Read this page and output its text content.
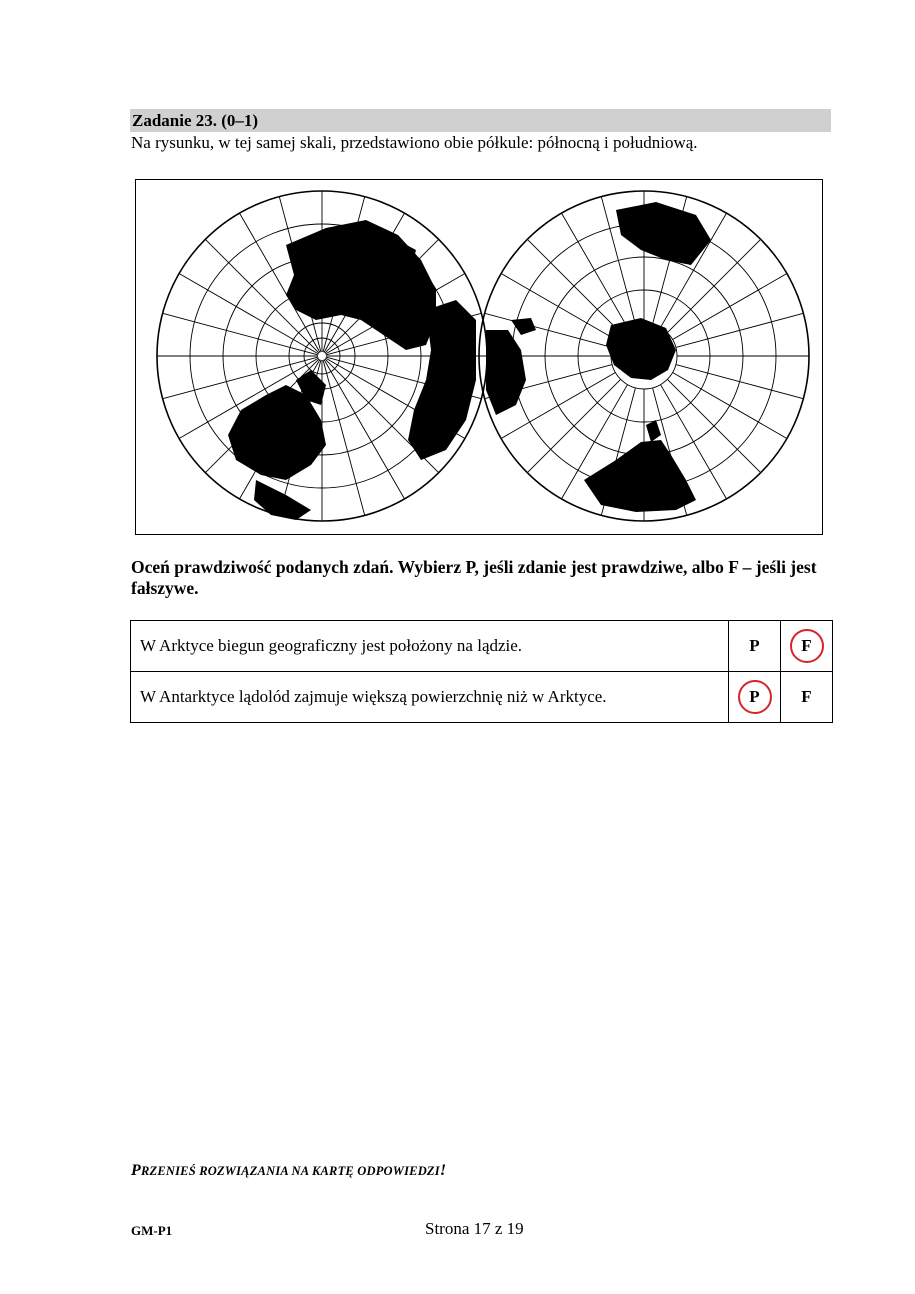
Zadanie 23. (0–1)
Na rysunku, w tej samej skali, przedstawiono obie półkule: północną i południową.
Oceń prawdziwość podanych zdań. Wybierz P, jeśli zdanie jest prawdziwe, albo F – jeśli jest fałszywe.
W Arktyce biegun geograficzny jest położony na lądzie.	P	F
W Antarktyce lądolód zajmuje większą powierzchnię niż w Arktyce.	P	F
PRZENIEŚ ROZWIĄZANIA NA KARTĘ ODPOWIEDZI!
GM-P1	Strona 17 z 19
